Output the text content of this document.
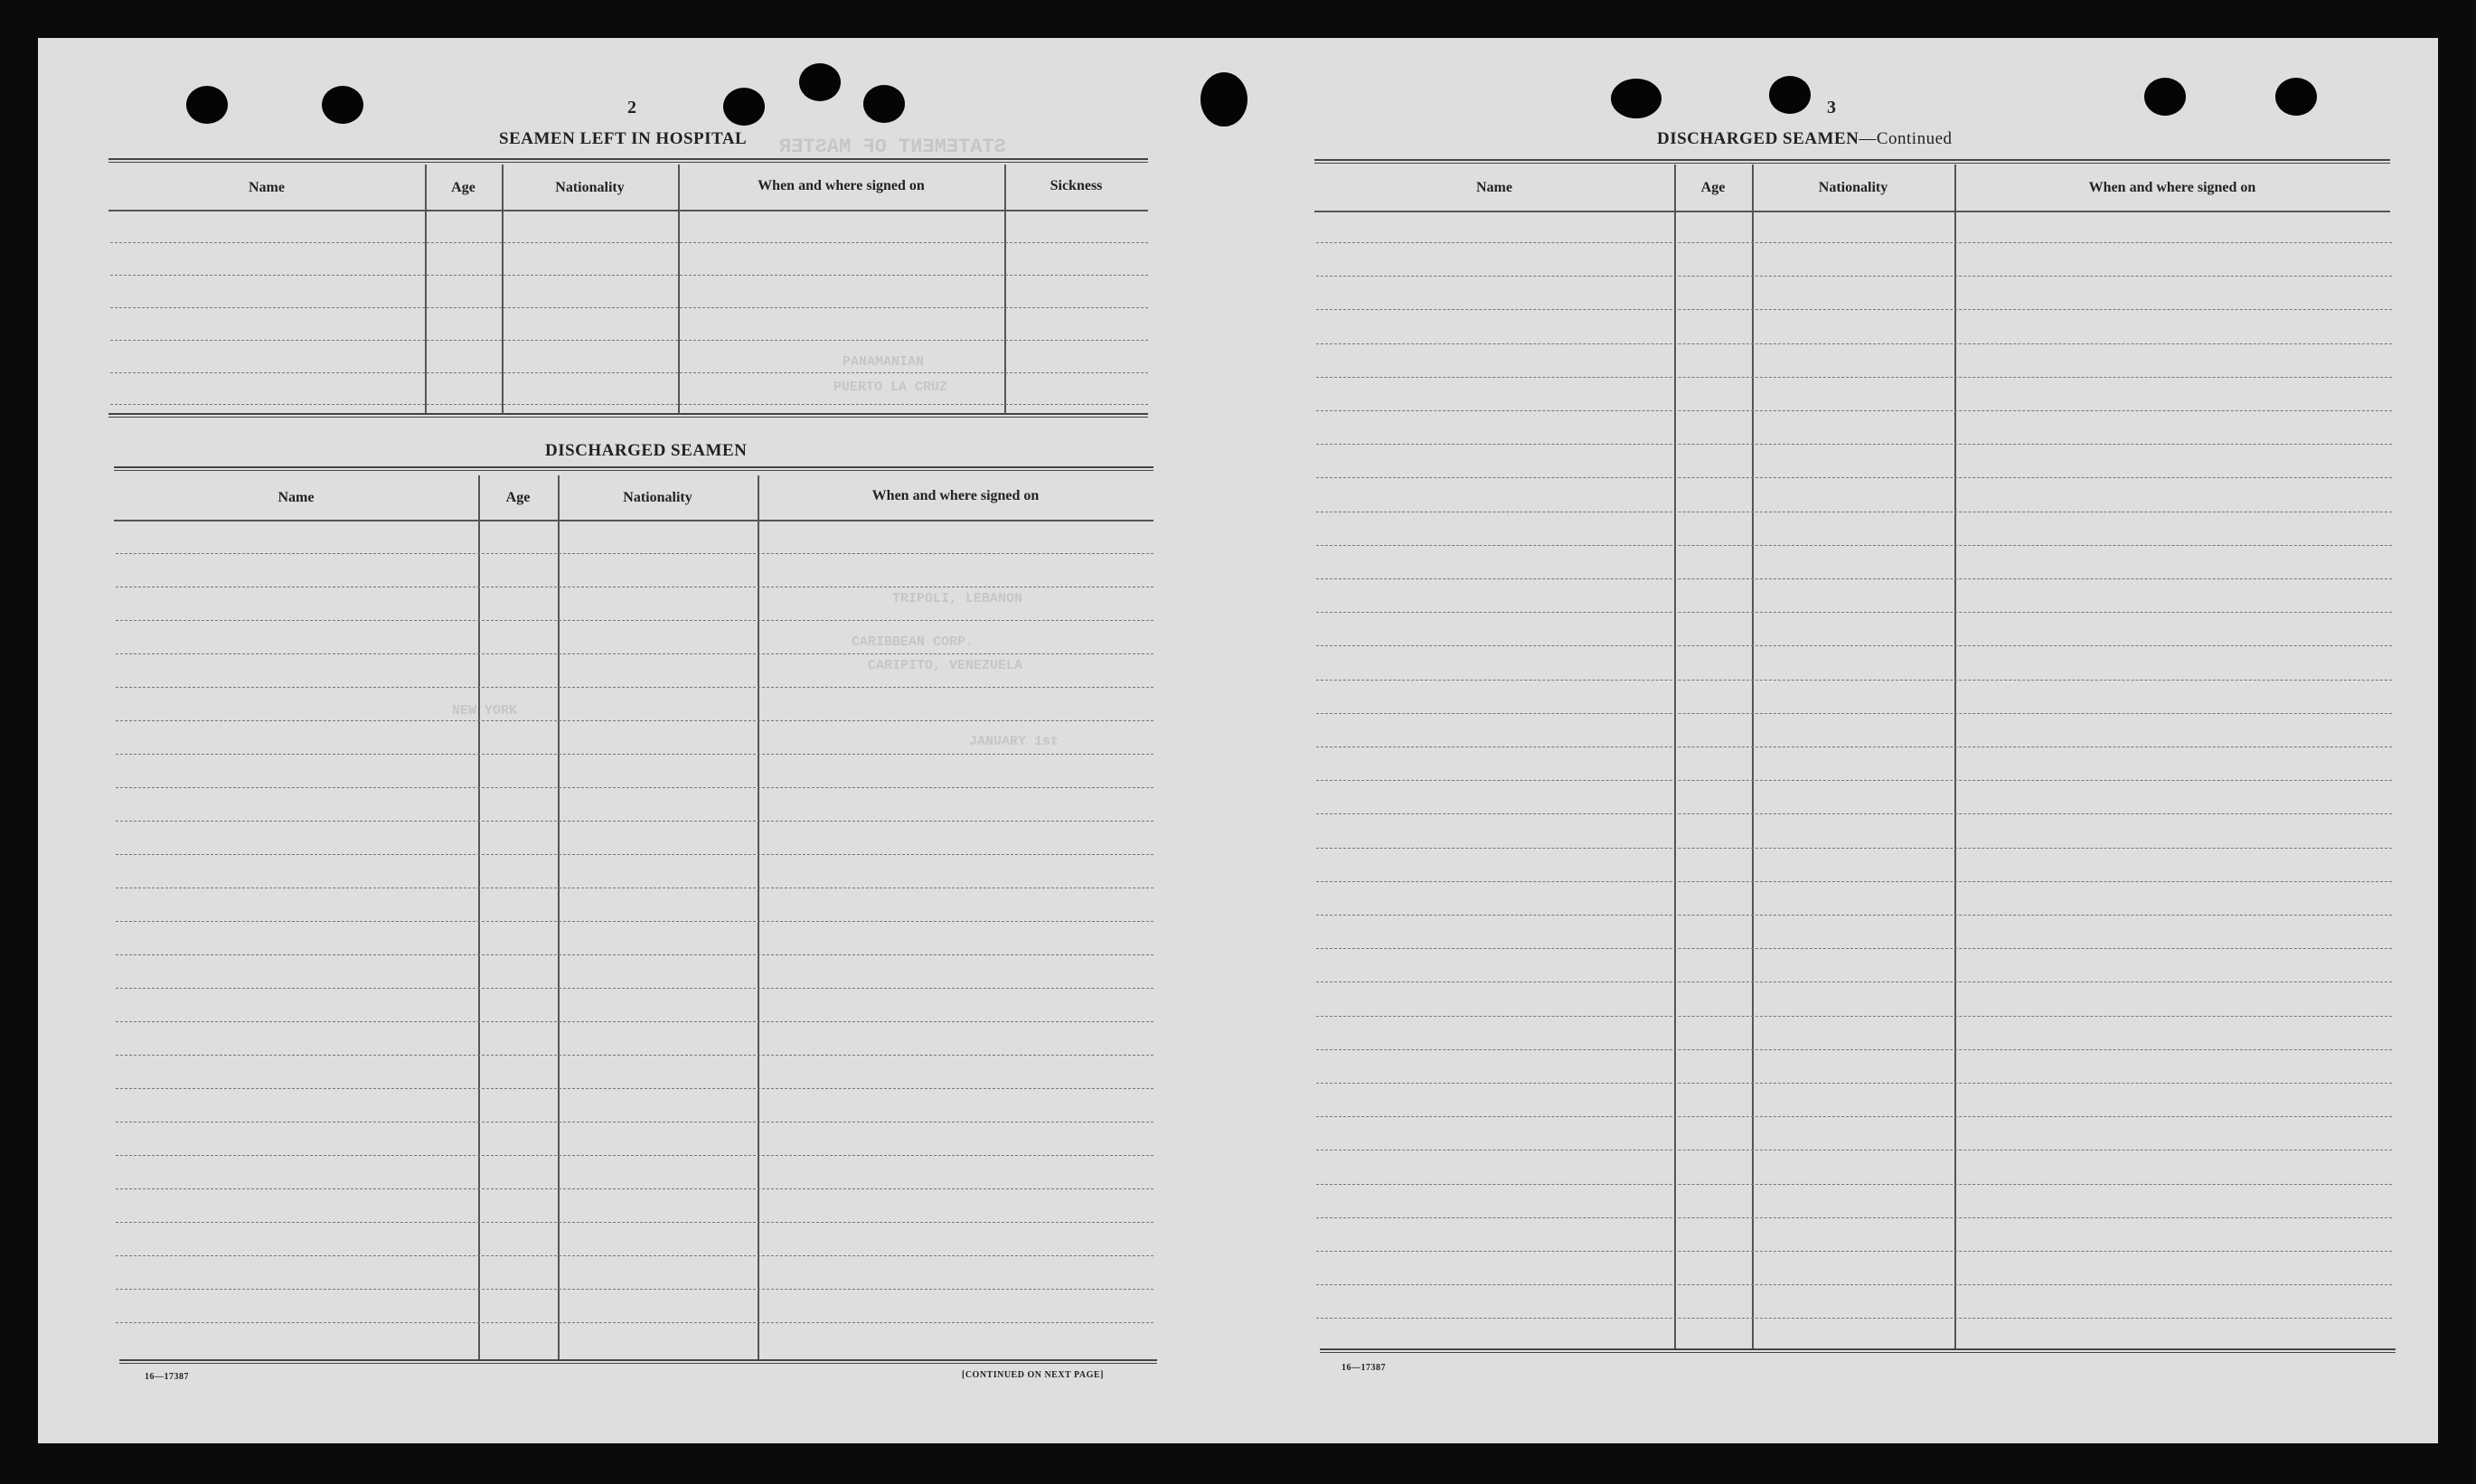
STATEMENT OF MASTER
PANAMANIAN
PUERTO LA CRUZ
TRIPOLI, LEBANON
CARIBBEAN CORP.
CARIPITO, VENEZUELA
NEW YORK
JANUARY 1st
2
SEAMEN LEFT IN HOSPITAL
Name	Age	Nationality	When and where signed on	Sickness
DISCHARGED SEAMEN
Name	Age	Nationality	When and where signed on
16—17387	[CONTINUED ON NEXT PAGE]
3
DISCHARGED SEAMEN—Continued
Name	Age	Nationality	When and where signed on
16—17387
